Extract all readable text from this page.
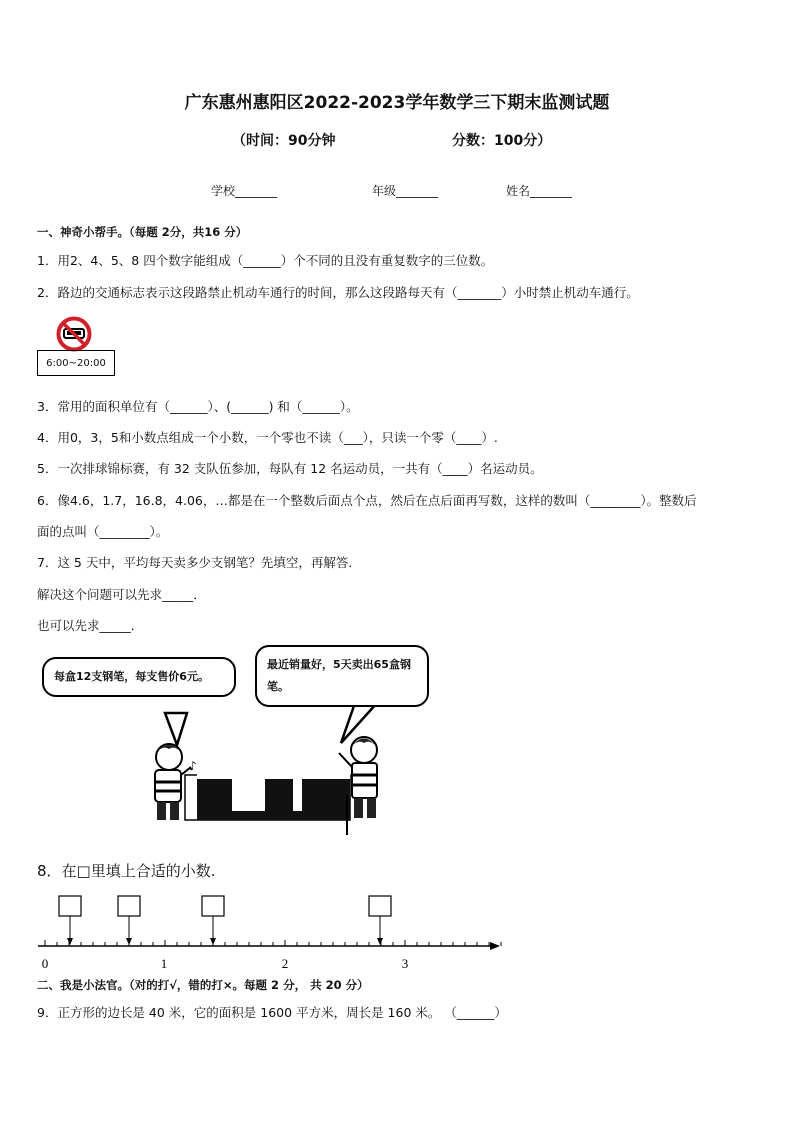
广东惠州惠阳区2022-2023学年数学三下期末监测试题
（时间：90分钟	分数：100分）
学校_______	年级_______	姓名_______
一、神奇小帮手。（每题 2分，共16 分）
1．用2、4、5、8 四个数字能组成（______）个不同的且没有重复数字的三位数。
2．路边的交通标志表示这段路禁止机动车通行的时间，那么这段路每天有（_______）小时禁止机动车通行。
6:00~20:00
3．常用的面积单位有（______）、(______) 和（______）。
4．用0，3，5和小数点组成一个小数，一个零也不读（___），只读一个零（____）.
5．一次排球锦标赛，有 32 支队伍参加，每队有 12 名运动员，一共有（____）名运动员。
6．像4.6，1.7，16.8，4.06，…都是在一个整数后面点个点，然后在点后面再写数，这样的数叫（________）。整数后
面的点叫（________）。
7．这 5 天中，平均每天卖多少支钢笔？先填空，再解答．
解决这个问题可以先求_____．
也可以先求_____．
♪
每盒12支钢笔，每支售价6元。
最近销量好，5天卖出65盒钢笔。
8．在□里填上合适的小数.
0	1	2	3
二、我是小法官。（对的打√，错的打×。每题 2 分， 共 20 分）
9．正方形的边长是 40 米，它的面积是 1600 平方米，周长是 160 米。 （______）
